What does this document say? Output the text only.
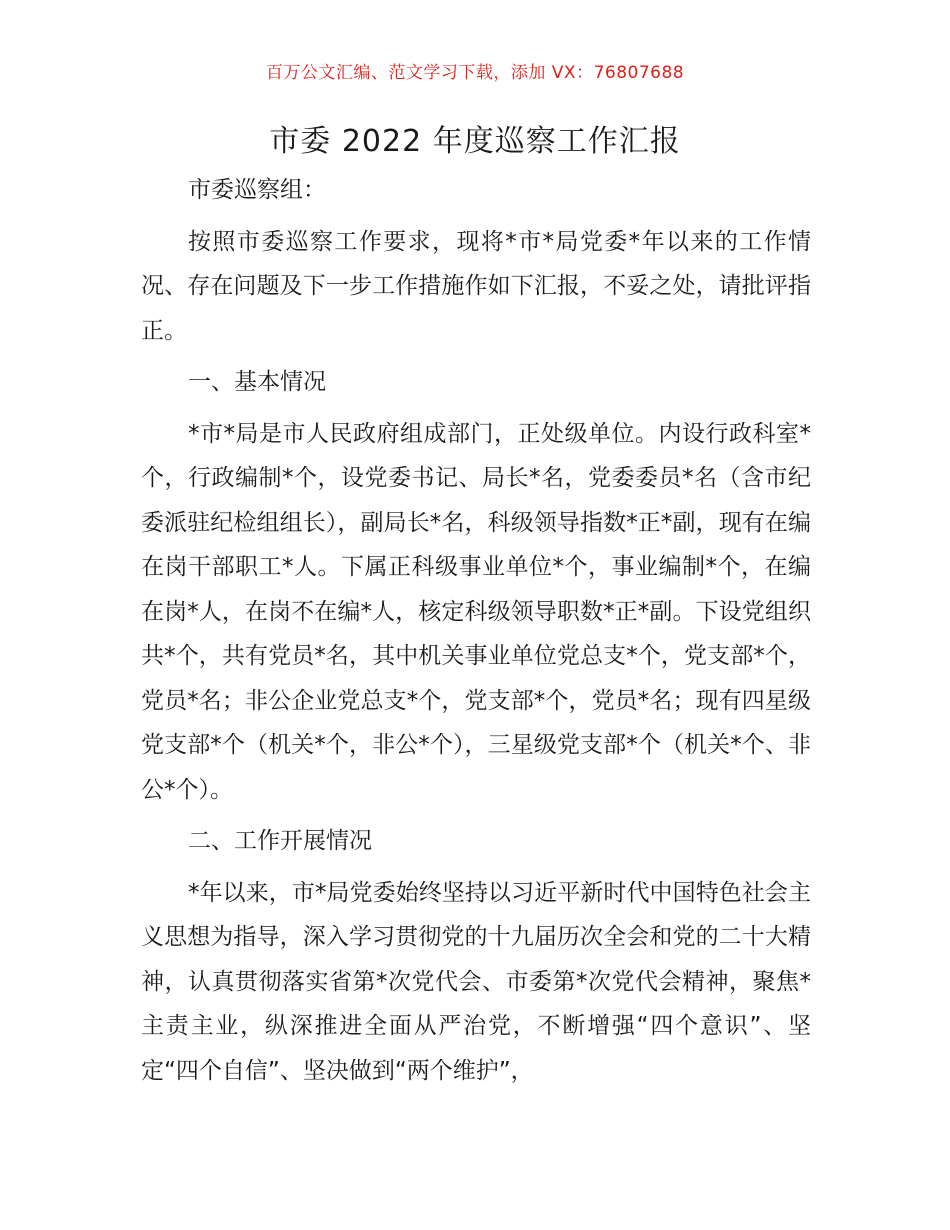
百万公文汇编、范文学习下载，添加 VX：76807688
市委 2022 年度巡察工作汇报

市委巡察组：

按照市委巡察工作要求，现将*市*局党委*年以来的工作情况、存在问题及下一步工作措施作如下汇报，不妥之处，请批评指正。

一、基本情况

*市*局是市人民政府组成部门，正处级单位。内设行政科室*个，行政编制*个，设党委书记、局长*名，党委委员*名（含市纪委派驻纪检组组长），副局长*名，科级领导指数*正*副，现有在编在岗干部职工*人。下属正科级事业单位*个，事业编制*个，在编在岗*人，在岗不在编*人，核定科级领导职数*正*副。下设党组织共*个，共有党员*名，其中机关事业单位党总支*个，党支部*个，党员*名；非公企业党总支*个，党支部*个，党员*名；现有四星级党支部*个（机关*个，非公*个），三星级党支部*个（机关*个、非公*个）。

二、工作开展情况

*年以来，市*局党委始终坚持以习近平新时代中国特色社会主义思想为指导，深入学习贯彻党的十九届历次全会和党的二十大精神，认真贯彻落实省第*次党代会、市委第*次党代会精神，聚焦*主责主业，纵深推进全面从严治党，不断增强“四个意识”、坚定“四个自信”、坚决做到“两个维护”，
